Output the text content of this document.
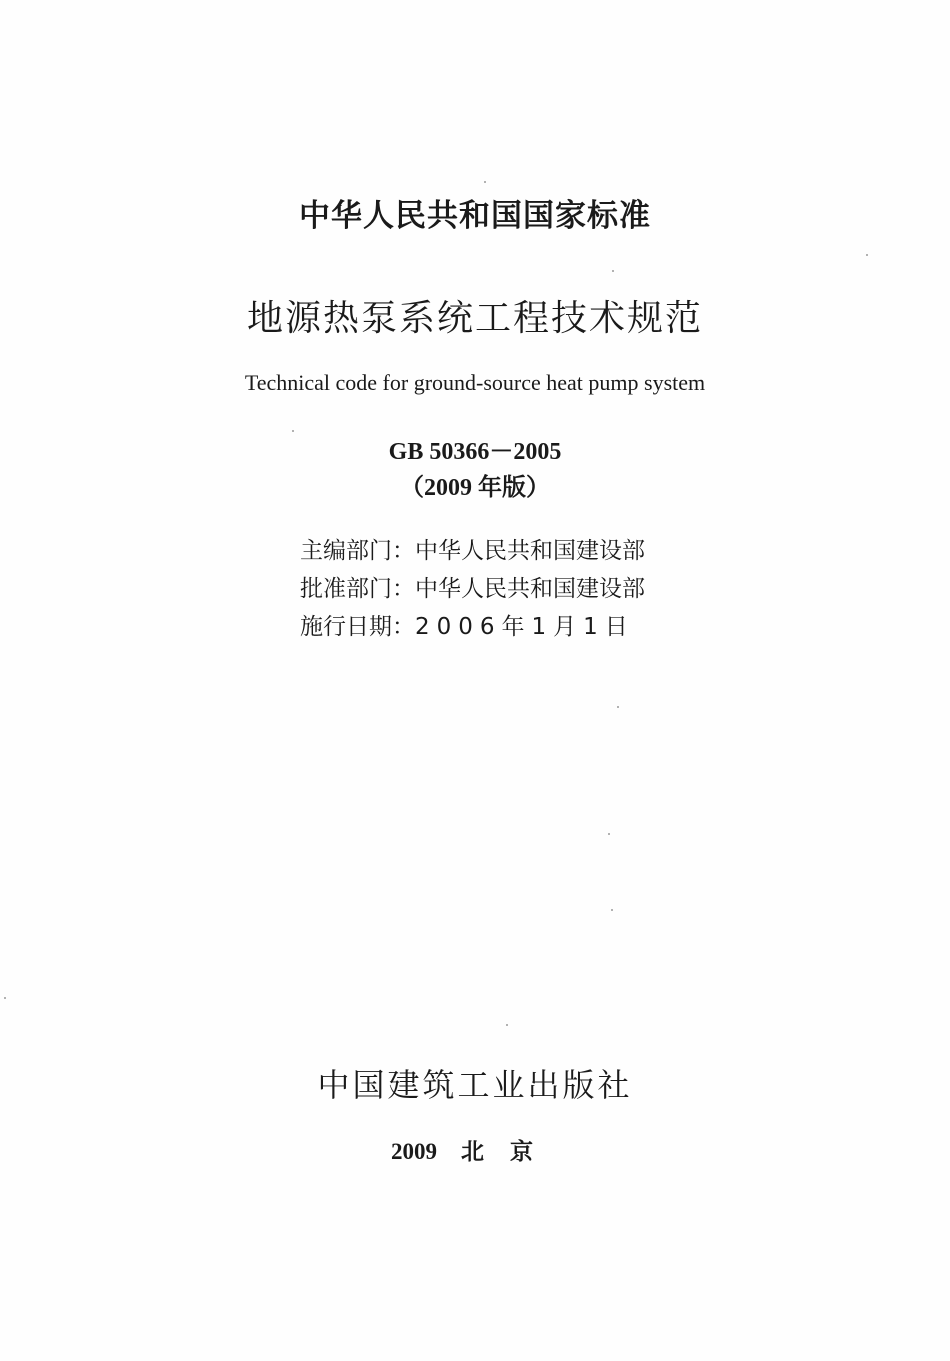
中华人民共和国国家标准
地源热泵系统工程技术规范
Technical code for ground-source heat pump system
GB 50366－2005
（2009 年版）
主编部门：中华人民共和国建设部
批准部门：中华人民共和国建设部
施行日期：2006年1月1日
中国建筑工业出版社
2009 北京
